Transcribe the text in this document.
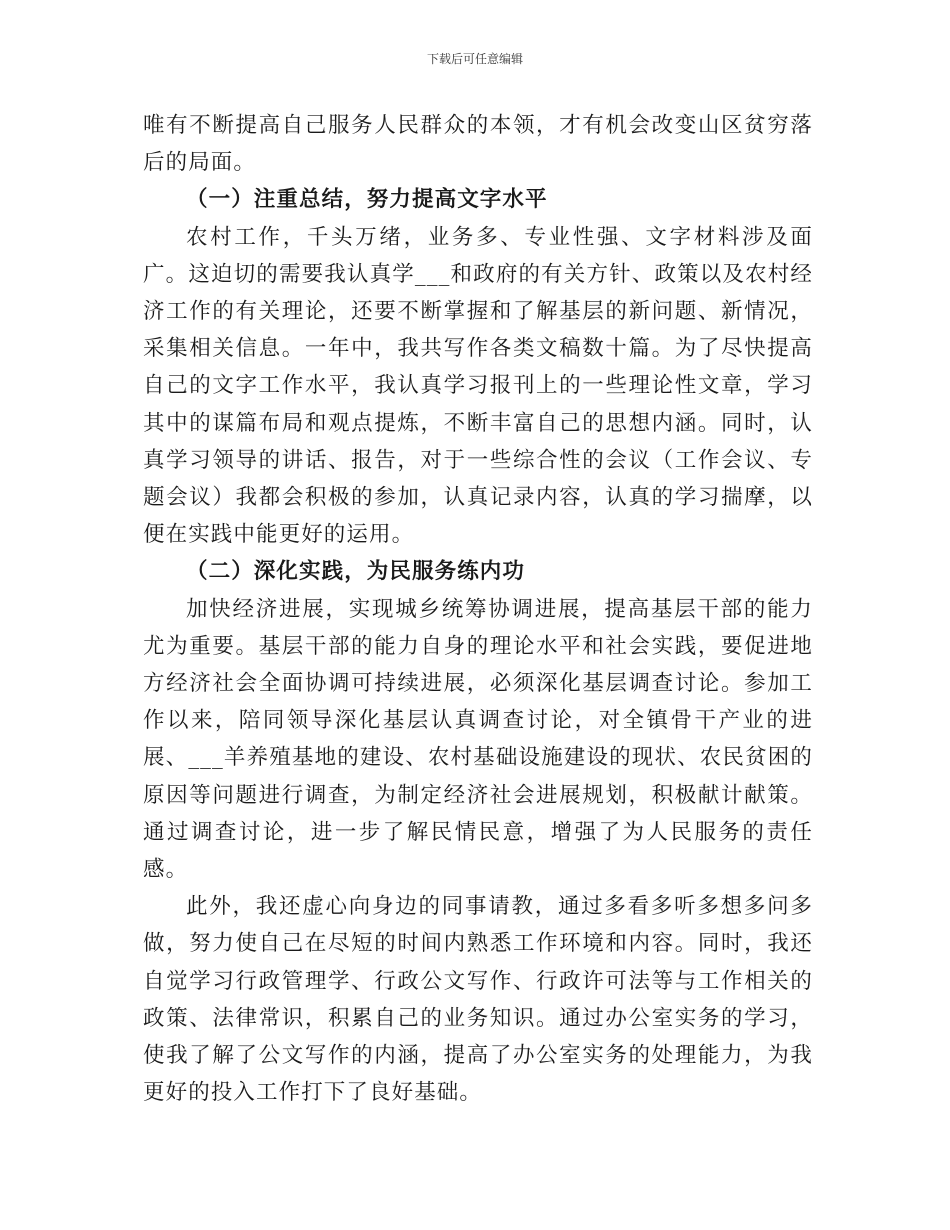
下载后可任意编辑

唯有不断提高自己服务人民群众的本领，才有机会改变山区贫穷落后的局面。

（一）注重总结，努力提高文字水平

农村工作，千头万绪，业务多、专业性强、文字材料涉及面广。这迫切的需要我认真学___和政府的有关方针、政策以及农村经济工作的有关理论，还要不断掌握和了解基层的新问题、新情况，采集相关信息。一年中，我共写作各类文稿数十篇。为了尽快提高自己的文字工作水平，我认真学习报刊上的一些理论性文章，学习其中的谋篇布局和观点提炼，不断丰富自己的思想内涵。同时，认真学习领导的讲话、报告，对于一些综合性的会议（工作会议、专题会议）我都会积极的参加，认真记录内容，认真的学习揣摩，以便在实践中能更好的运用。

（二）深化实践，为民服务练内功

加快经济进展，实现城乡统筹协调进展，提高基层干部的能力尤为重要。基层干部的能力自身的理论水平和社会实践，要促进地方经济社会全面协调可持续进展，必须深化基层调查讨论。参加工作以来，陪同领导深化基层认真调查讨论，对全镇骨干产业的进展、___羊养殖基地的建设、农村基础设施建设的现状、农民贫困的原因等问题进行调查，为制定经济社会进展规划，积极献计献策。通过调查讨论，进一步了解民情民意，增强了为人民服务的责任感。

此外，我还虚心向身边的同事请教，通过多看多听多想多问多做，努力使自己在尽短的时间内熟悉工作环境和内容。同时，我还自觉学习行政管理学、行政公文写作、行政许可法等与工作相关的政策、法律常识，积累自己的业务知识。通过办公室实务的学习，使我了解了公文写作的内涵，提高了办公室实务的处理能力，为我更好的投入工作打下了良好基础。
